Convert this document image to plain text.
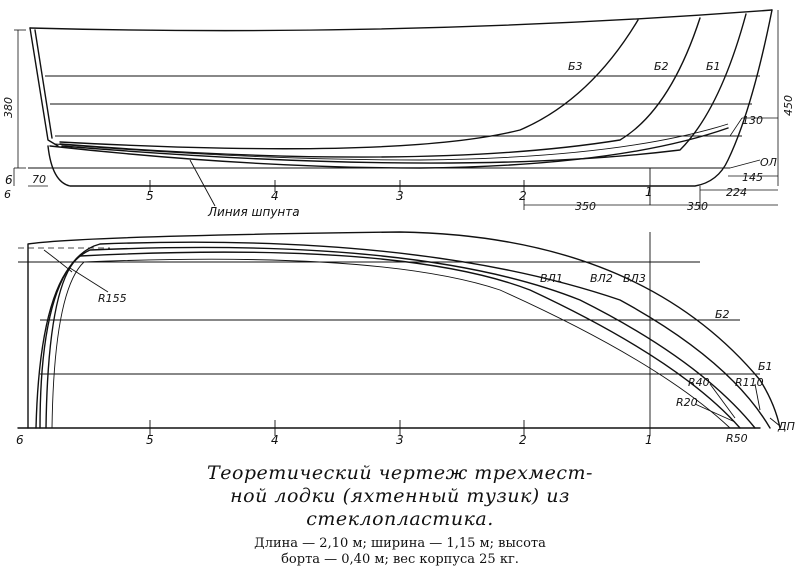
Б3	Б2	Б1
6
5	4	3	2	1
Линия шпунта
ОЛ
380	450
130
145
224
350	350
70
6
6	5	4	3	2	1
ВЛ1 ВЛ2 ВЛ3
Б2
Б1
ДП
R155
R40 R110
R20
R50
Теоретический чертеж трехмест-
ной лодки (яхтенный тузик) из
стеклопластика.
Длина — 2,10 м; ширина — 1,15 м; высота
борта — 0,40 м; вес корпуса 25 кг.
